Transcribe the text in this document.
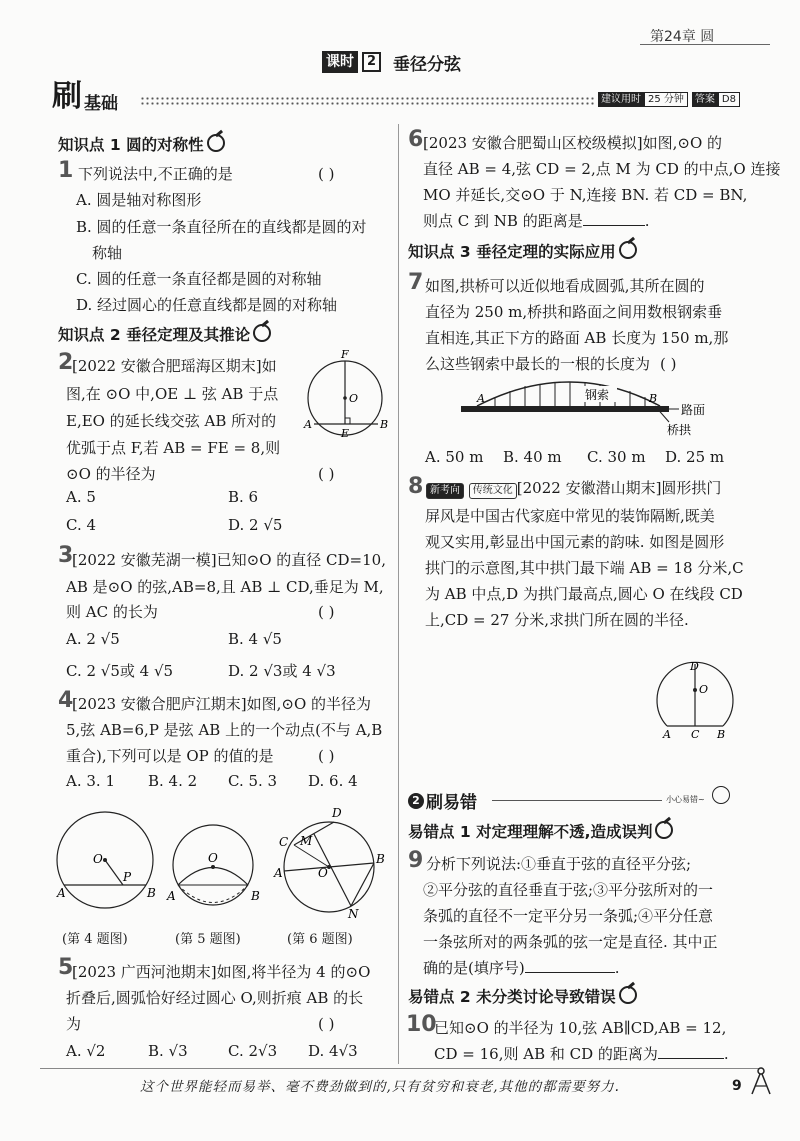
第24章 圆
课时	2 垂径分弦
刷 基础	建议用时 25 分钟	答案 D8
知识点 1 圆的对称性
1 下列说法中,不正确的是	( )
A. 圆是轴对称图形
B. 圆的任意一条直径所在的直线都是圆的对
称轴
C. 圆的任意一条直径都是圆的对称轴
D. 经过圆心的任意直线都是圆的对称轴
知识点 2 垂径定理及其推论
2
[2022 安徽合肥瑶海区期末]如
图,在 ⊙O 中,OE ⊥ 弦 AB 于点
E,EO 的延长线交弦 AB 所对的
优弧于点 F,若 AB = FE = 8,则
⊙O 的半径为	( )
A. 5	B. 6
C. 4	D. 2 √5
F
O
A
E
B
3
[2022 安徽芜湖一模]已知⊙O 的直径 CD=10,
AB 是⊙O 的弦,AB=8,且 AB ⊥ CD,垂足为 M,
则 AC 的长为	( )
A. 2 √5	B. 4 √5
C. 2 √5或 4 √5	D. 2 √3或 4 √3
4
[2023 安徽合肥庐江期末]如图,⊙O 的半径为
5,弦 AB=6,P 是弦 AB 上的一个动点(不与 A,B
重合),下列可以是 OP 的值的是	( )
A. 3. 1 B. 4. 2 C. 5. 3 D. 6. 4
O
P
A	B
O
A	B
D
C M
O
A
B
N
(第 4 题图)	(第 5 题图)	(第 6 题图)
5
[2023 广西河池期末]如图,将半径为 4 的⊙O
折叠后,圆弧恰好经过圆心 O,则折痕 AB 的长
为	( )
A. √2	B. √3	C. 2√3 D. 4√3
6 [2023 安徽合肥蜀山区校级模拟]如图,⊙O 的
直径 AB = 4,弦 CD = 2,点 M 为 CD 的中点,O 连接
MO 并延长,交⊙O 于 N,连接 BN. 若 CD = BN,
则点 C 到 NB 的距离是	.
知识点 3 垂径定理的实际应用
7 如图,拱桥可以近似地看成圆弧,其所在圆的
直径为 250 m,桥拱和路面之间用数根钢索垂
直相连,其正下方的路面 AB 长度为 150 m,那
么这些钢索中最长的一根的长度为 ( )
钢索
A	B
路面
桥拱
A. 50 m B. 40 m C. 30 m D. 25 m
8 新考向 传统文化 [2022 安徽潜山期末]圆形拱门
屏风是中国古代家庭中常见的装饰隔断,既美
观又实用,彰显出中国元素的韵味. 如图是圆形
拱门的示意图,其中拱门最下端 AB = 18 分米,C
为 AB 中点,D 为拱门最高点,圆心 O 在线段 CD
上,CD = 27 分米,求拱门所在圆的半径.
D
O
A C B
2 刷易错	小心易错~
易错点 1 对定理理解不透,造成误判
9 分析下列说法:①垂直于弦的直径平分弦;
②平分弦的直径垂直于弦;③平分弦所对的一
条弧的直径不一定平分另一条弧;④平分任意
一条弦所对的两条弧的弦一定是直径. 其中正
确的是(填序号)	.
易错点 2 未分类讨论导致错误
10
已知⊙O 的半径为 10,弦 AB∥CD,AB = 12,
CD = 16,则 AB 和 CD 的距离为	.
这个世界能轻而易举、毫不费劲做到的,只有贫穷和衰老,其他的都需要努力.	9
